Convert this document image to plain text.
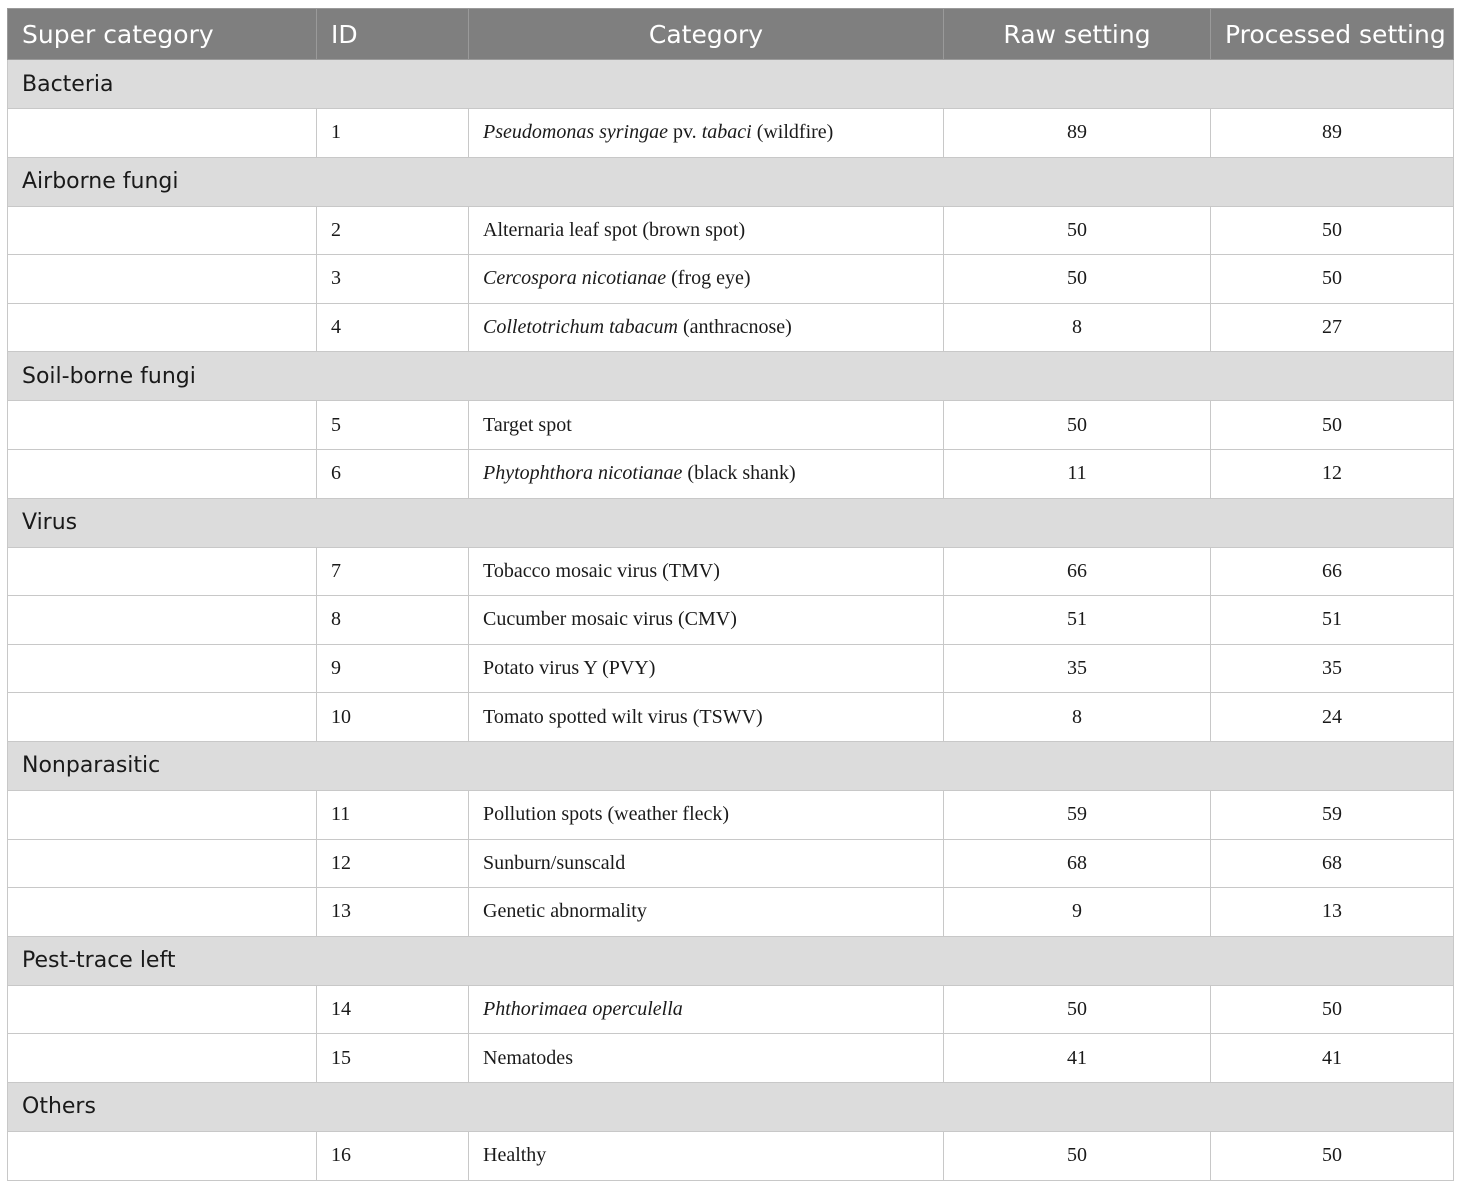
Super category	ID	Category	Raw setting	Processed setting
Bacteria				
	1	Pseudomonas syringae pv. tabaci (wildfire)	89	89
Airborne fungi				
	2	Alternaria leaf spot (brown spot)	50	50
	3	Cercospora nicotianae (frog eye)	50	50
	4	Colletotrichum tabacum (anthracnose)	8	27
Soil-borne fungi				
	5	Target spot	50	50
	6	Phytophthora nicotianae (black shank)	11	12
Virus				
	7	Tobacco mosaic virus (TMV)	66	66
	8	Cucumber mosaic virus (CMV)	51	51
	9	Potato virus Y (PVY)	35	35
	10	Tomato spotted wilt virus (TSWV)	8	24
Nonparasitic				
	11	Pollution spots (weather fleck)	59	59
	12	Sunburn/sunscald	68	68
	13	Genetic abnormality	9	13
Pest-trace left				
	14	Phthorimaea operculella	50	50
	15	Nematodes	41	41
Others				
	16	Healthy	50	50
